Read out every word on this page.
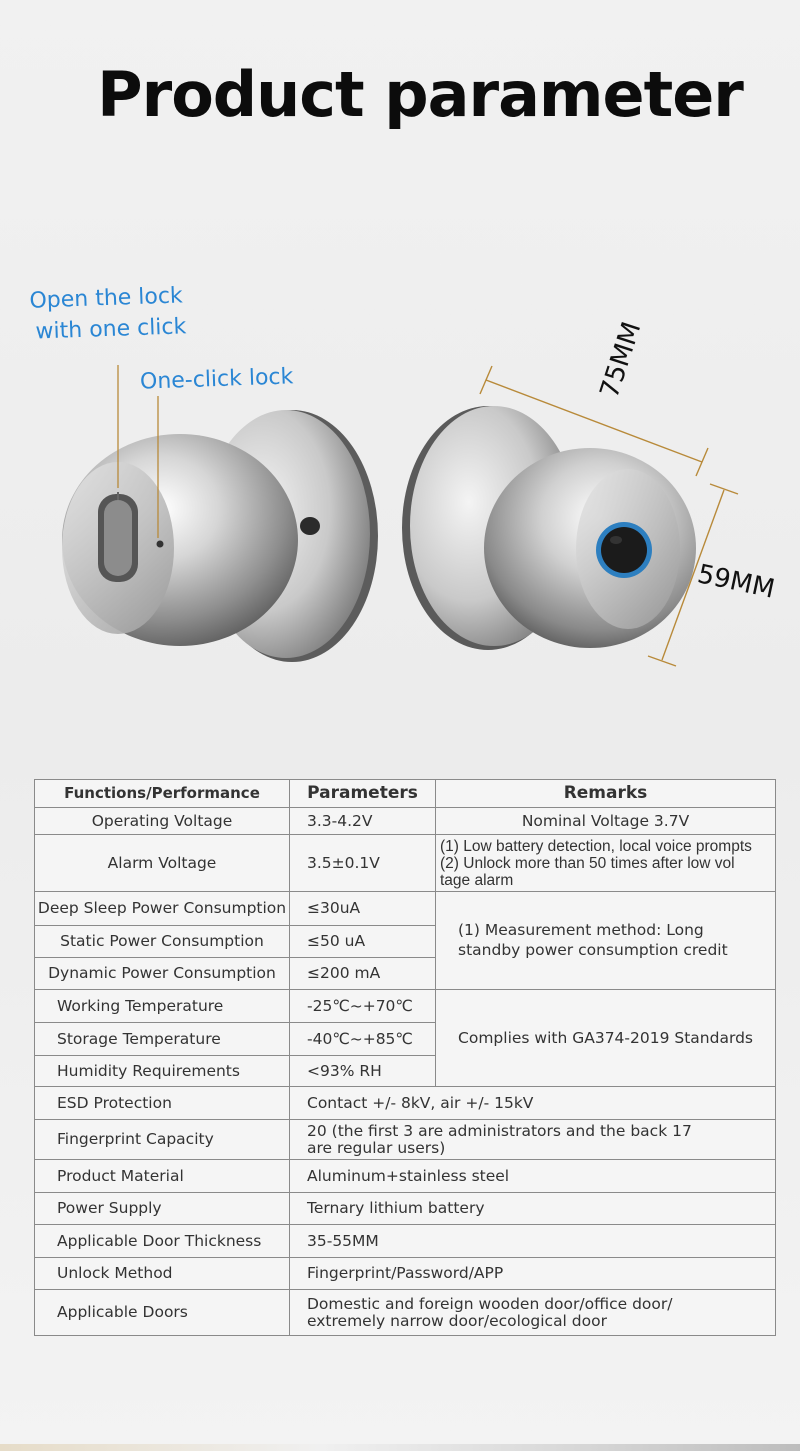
Product parameter
Open the lock
with one click
One-click lock	75MM
59MM
Functions/Performance	Parameters	Remarks
Operating Voltage	3.3-4.2V	Nominal Voltage 3.7V
Alarm Voltage	3.5±0.1V	(1) Low battery detection, local voice prompts
(2) Unlock more than 50 times after low vol
tage alarm

Deep Sleep Power Consumption	≤30uA	(1) Measurement method: Long
standby power consumption credit

Static Power Consumption	≤50 uA	
Dynamic Power Consumption	≤200 mA	
Working Temperature	-25℃~+70℃	Complies with GA374-2019 Standards
Storage Temperature	-40℃~+85℃	
Humidity Requirements	<93% RH	
ESD Protection	Contact +/- 8kV, air +/- 15kV	
Fingerprint Capacity	20 (the first 3 are administrators and the back 17
are regular users)	

Product Material	Aluminum+stainless steel	
Power Supply	Ternary lithium battery	
Applicable Door Thickness	35-55MM	
Unlock Method	Fingerprint/Password/APP	
Applicable Doors	Domestic and foreign wooden door/office door/
extremely narrow door/ecological door	
